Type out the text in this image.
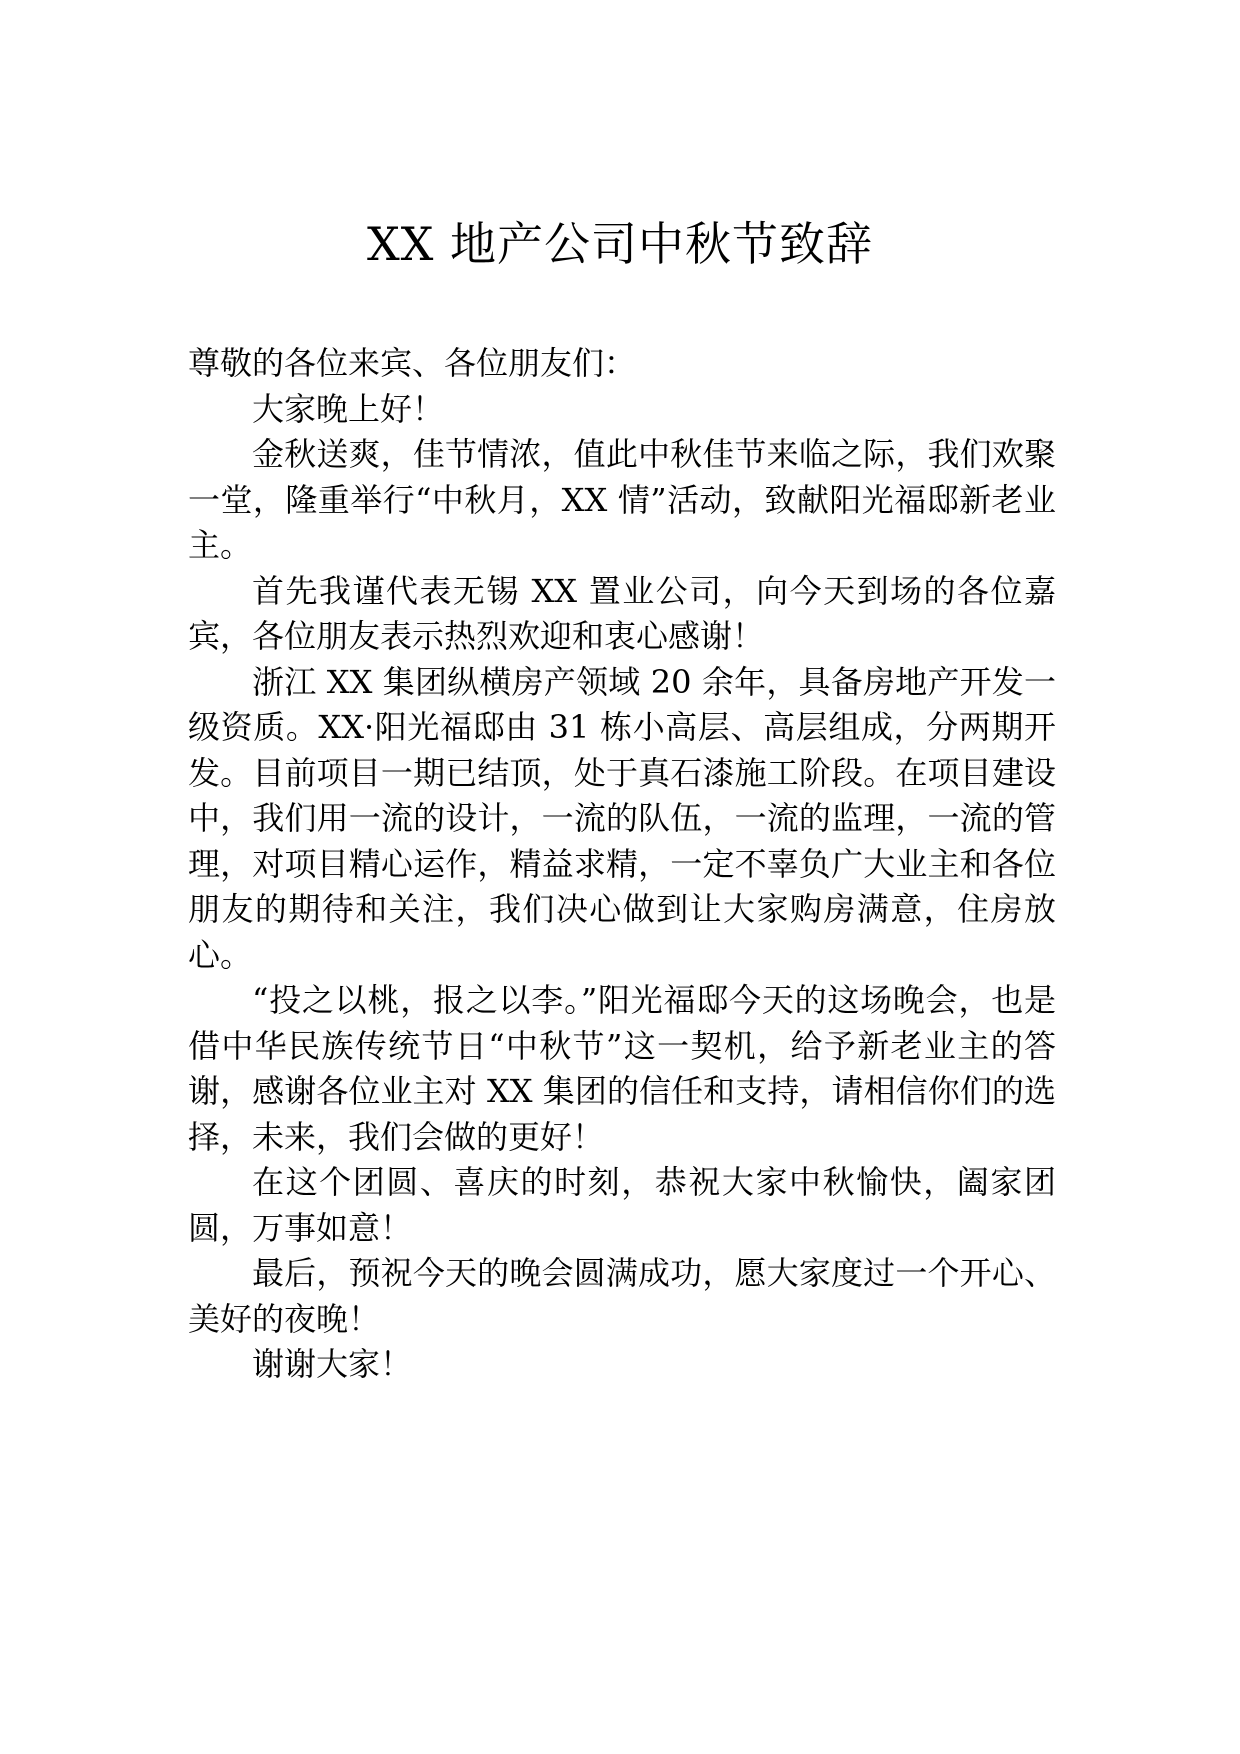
XX 地产公司中秋节致辞

尊敬的各位来宾、各位朋友们：

大家晚上好！

金秋送爽，佳节情浓，值此中秋佳节来临之际，我们欢聚一堂，隆重举行“中秋月，XX 情”活动，致献阳光福邸新老业主。

首先我谨代表无锡 XX 置业公司，向今天到场的各位嘉宾，各位朋友表示热烈欢迎和衷心感谢！

浙江 XX 集团纵横房产领域 20 余年，具备房地产开发一级资质。XX·阳光福邸由 31 栋小高层、高层组成，分两期开发。目前项目一期已结顶，处于真石漆施工阶段。在项目建设中，我们用一流的设计，一流的队伍，一流的监理，一流的管理，对项目精心运作，精益求精，一定不辜负广大业主和各位朋友的期待和关注，我们决心做到让大家购房满意，住房放心。

“投之以桃，报之以李。”阳光福邸今天的这场晚会，也是借中华民族传统节日“中秋节”这一契机，给予新老业主的答谢，感谢各位业主对 XX 集团的信任和支持，请相信你们的选择，未来，我们会做的更好！

在这个团圆、喜庆的时刻，恭祝大家中秋愉快，阖家团圆，万事如意！

最后，预祝今天的晚会圆满成功，愿大家度过一个开心、美好的夜晚！

谢谢大家！
